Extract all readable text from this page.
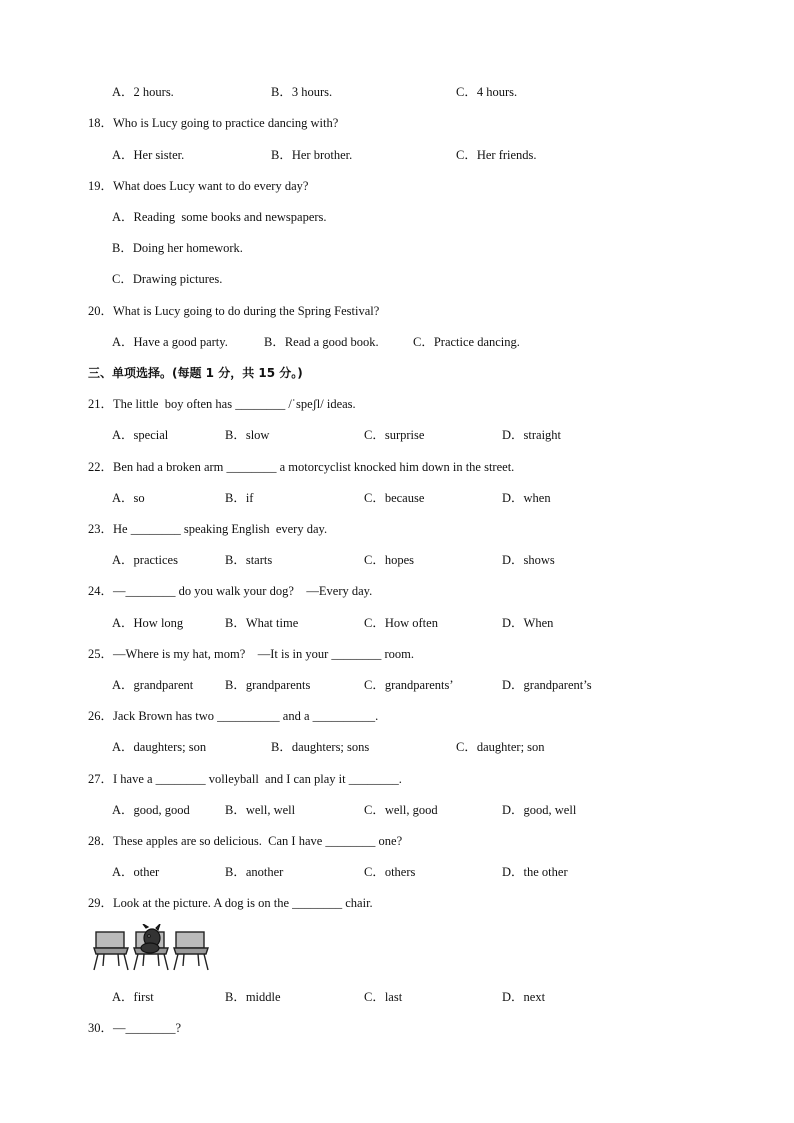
A．2 hours.	B．3 hours.	C．4 hours.
18．Who is Lucy going to practice dancing with?
A．Her sister.	B．Her brother.	C．Her friends.
19．What does Lucy want to do every day?
A．Reading  some books and newspapers.
B．Doing her homework.
C．Drawing pictures.
20．What is Lucy going to do during the Spring Festival?
A．Have a good party.	B．Read a good book.	C．Practice dancing.
三、单项选择。(每题 1 分，共 15 分。)
21．The little  boy often has ________ /ˈspeʃl/ ideas.
A．special	B．slow	C．surprise	D．straight
22．Ben had a broken arm ________ a motorcyclist knocked him down in the street.
A．so	B．if	C．because	D．when
23．He ________ speaking English  every day.
A．practices	B．starts	C．hopes	D．shows
24．—________ do you walk your dog?    —Every day.
A．How long	B．What time	C．How often	D．When
25．—Where is my hat, mom?    —It is in your ________ room.
A．grandparent	B．grandparents	C．grandparents’	D．grandparent’s
26．Jack Brown has two __________ and a __________.
A．daughters; son	B．daughters; sons	C．daughter; son
27．I have a ________ volleyball  and I can play it ________.
A．good, good	B．well, well	C．well, good	D．good, well
28．These apples are so delicious.  Can I have ________ one?
A．other	B．another	C．others	D．the other
29．Look at the picture. A dog is on the ________ chair.
A．first	B．middle	C．last	D．next
30．—________?
